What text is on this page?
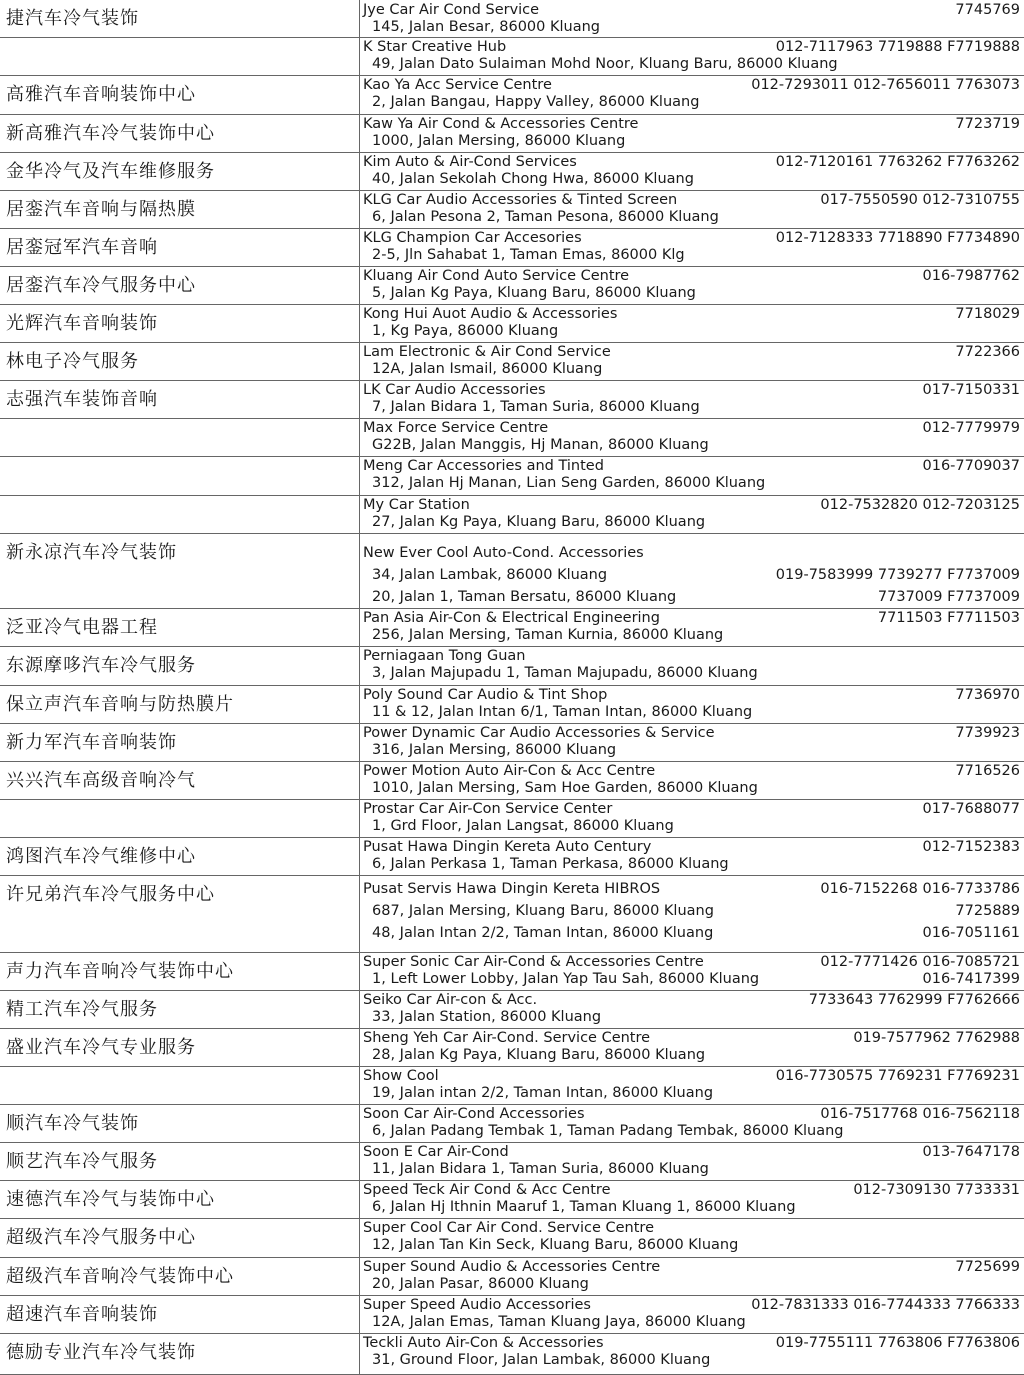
捷汽车冷气装饰	Jye Car Air Cond Service	7745769
145, Jalan Besar, 86000 Kluang
K Star Creative Hub	012-7117963 7719888 F7719888
49, Jalan Dato Sulaiman Mohd Noor, Kluang Baru, 86000 Kluang
高雅汽车音响装饰中心	Kao Ya Acc Service Centre	012-7293011 012-7656011 7763073
2, Jalan Bangau, Happy Valley, 86000 Kluang
新高雅汽车冷气装饰中心	Kaw Ya Air Cond & Accessories Centre	7723719
1000, Jalan Mersing, 86000 Kluang
金华冷气及汽车维修服务	Kim Auto & Air-Cond Services	012-7120161 7763262 F7763262
40, Jalan Sekolah Chong Hwa, 86000 Kluang
居銮汽车音响与隔热膜	KLG Car Audio Accessories & Tinted Screen	017-7550590 012-7310755
6, Jalan Pesona 2, Taman Pesona, 86000 Kluang
居銮冠军汽车音响	KLG Champion Car Accesories	012-7128333 7718890 F7734890
2-5, Jln Sahabat 1, Taman Emas, 86000 Klg
居銮汽车冷气服务中心	Kluang Air Cond Auto Service Centre	016-7987762
5, Jalan Kg Paya, Kluang Baru, 86000 Kluang
光辉汽车音响装饰	Kong Hui Auot Audio & Accessories	7718029
1, Kg Paya, 86000 Kluang
林电子冷气服务	Lam Electronic & Air Cond Service	7722366
12A, Jalan Ismail, 86000 Kluang
志强汽车装饰音响	LK Car Audio Accessories	017-7150331
7, Jalan Bidara 1, Taman Suria, 86000 Kluang
Max Force Service Centre	012-7779979
G22B, Jalan Manggis, Hj Manan, 86000 Kluang
Meng Car Accessories and Tinted	016-7709037
312, Jalan Hj Manan, Lian Seng Garden, 86000 Kluang
My Car Station	012-7532820 012-7203125
27, Jalan Kg Paya, Kluang Baru, 86000 Kluang
新永凉汽车冷气装饰	New Ever Cool Auto-Cond. Accessories
34, Jalan Lambak, 86000 Kluang	019-7583999 7739277 F7737009
20, Jalan 1, Taman Bersatu, 86000 Kluang	7737009 F7737009
泛亚冷气电器工程	Pan Asia Air-Con & Electrical Engineering	7711503 F7711503
256, Jalan Mersing, Taman Kurnia, 86000 Kluang
东源摩哆汽车冷气服务	Perniagaan Tong Guan
3, Jalan Majupadu 1, Taman Majupadu, 86000 Kluang
保立声汽车音响与防热膜片	Poly Sound Car Audio & Tint Shop	7736970
11 & 12, Jalan Intan 6/1, Taman Intan, 86000 Kluang
新力军汽车音响装饰	Power Dynamic Car Audio Accessories & Service	7739923
316, Jalan Mersing, 86000 Kluang
兴兴汽车高级音响冷气	Power Motion Auto Air-Con & Acc Centre	7716526
1010, Jalan Mersing, Sam Hoe Garden, 86000 Kluang
Prostar Car Air-Con Service Center	017-7688077
1, Grd Floor, Jalan Langsat, 86000 Kluang
鸿图汽车冷气维修中心	Pusat Hawa Dingin Kereta Auto Century	012-7152383
6, Jalan Perkasa 1, Taman Perkasa, 86000 Kluang
许兄弟汽车冷气服务中心	Pusat Servis Hawa Dingin Kereta HIBROS	016-7152268 016-7733786
687, Jalan Mersing, Kluang Baru, 86000 Kluang	7725889
48, Jalan Intan 2/2, Taman Intan, 86000 Kluang	016-7051161
声力汽车音响冷气装饰中心	Super Sonic Car Air-Cond & Accessories Centre	012-7771426 016-7085721
1, Left Lower Lobby, Jalan Yap Tau Sah, 86000 Kluang	016-7417399
精工汽车冷气服务	Seiko Car Air-con & Acc.	7733643 7762999 F7762666
33, Jalan Station, 86000 Kluang
盛业汽车冷气专业服务	Sheng Yeh Car Air-Cond. Service Centre	019-7577962 7762988
28, Jalan Kg Paya, Kluang Baru, 86000 Kluang
Show Cool	016-7730575 7769231 F7769231
19, Jalan intan 2/2, Taman Intan, 86000 Kluang
顺汽车冷气装饰	Soon Car Air-Cond Accessories	016-7517768 016-7562118
6, Jalan Padang Tembak 1, Taman Padang Tembak, 86000 Kluang
顺艺汽车冷气服务	Soon E Car Air-Cond	013-7647178
11, Jalan Bidara 1, Taman Suria, 86000 Kluang
速德汽车冷气与装饰中心	Speed Teck Air Cond & Acc Centre	012-7309130 7733331
6, Jalan Hj Ithnin Maaruf 1, Taman Kluang 1, 86000 Kluang
超级汽车冷气服务中心	Super Cool Car Air Cond. Service Centre
12, Jalan Tan Kin Seck, Kluang Baru, 86000 Kluang
超级汽车音响冷气装饰中心	Super Sound Audio & Accessories Centre	7725699
20, Jalan Pasar, 86000 Kluang
超速汽车音响装饰	Super Speed Audio Accessories	012-7831333 016-7744333 7766333
12A, Jalan Emas, Taman Kluang Jaya, 86000 Kluang
德励专业汽车冷气装饰	Teckli Auto Air-Con & Accessories	019-7755111 7763806 F7763806
31, Ground Floor, Jalan Lambak, 86000 Kluang
